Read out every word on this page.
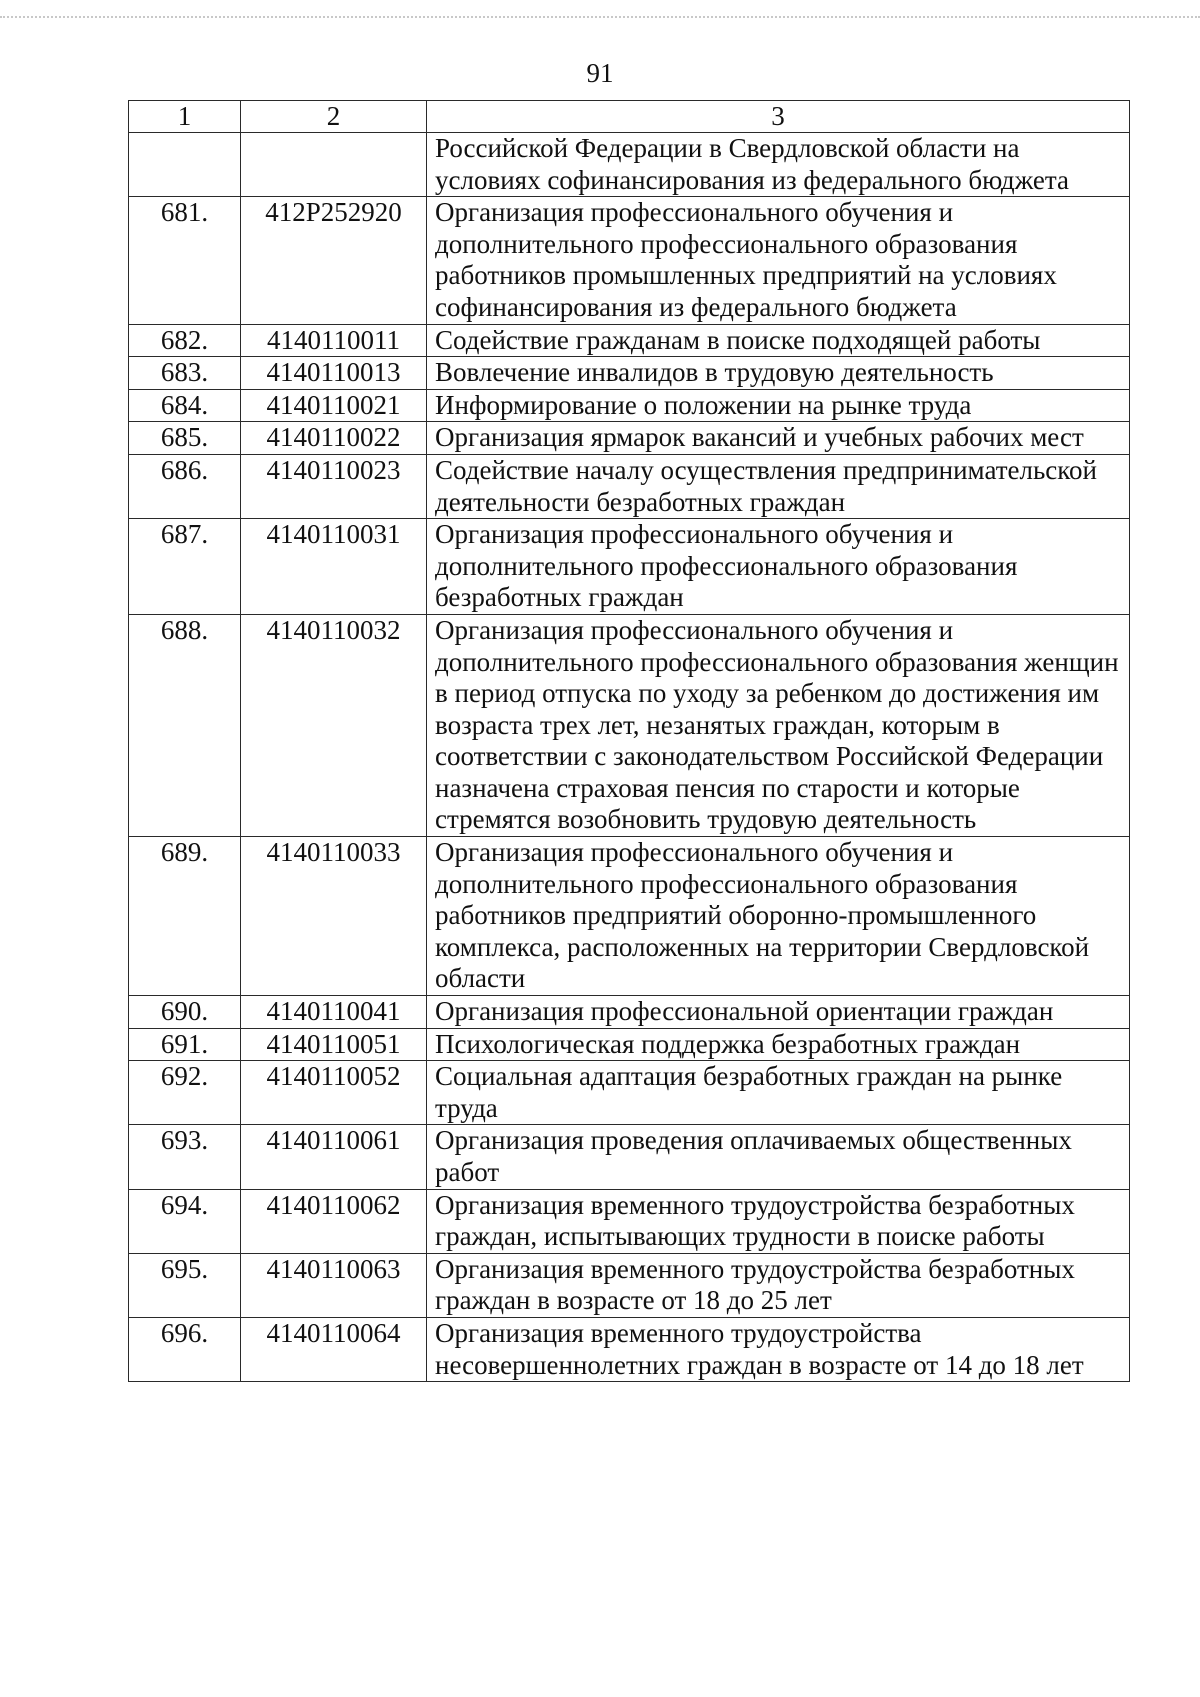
91
1	2	3
		Российской Федерации в Свердловской области на условиях софинансирования из федерального бюджета
681.	412P252920	Организация профессионального обучения и дополнительного профессионального образования работников промышленных предприятий на условиях софинансирования из федерального бюджета
682.	4140110011	Содействие гражданам в поиске подходящей работы
683.	4140110013	Вовлечение инвалидов в трудовую деятельность
684.	4140110021	Информирование о положении на рынке труда
685.	4140110022	Организация ярмарок вакансий и учебных рабочих мест
686.	4140110023	Содействие началу осуществления предпринимательской деятельности безработных граждан
687.	4140110031	Организация профессионального обучения и дополнительного профессионального образования безработных граждан
688.	4140110032	Организация профессионального обучения и дополнительного профессионального образования женщин в период отпуска по уходу за ребенком до достижения им возраста трех лет, незанятых граждан, которым в соответствии с законодательством Российской Федерации назначена страховая пенсия по старости и которые стремятся возобновить трудовую деятельность
689.	4140110033	Организация профессионального обучения и дополнительного профессионального образования работников предприятий оборонно-промышленного комплекса, расположенных на территории Свердловской области
690.	4140110041	Организация профессиональной ориентации граждан
691.	4140110051	Психологическая поддержка безработных граждан
692.	4140110052	Социальная адаптация безработных граждан на рынке труда
693.	4140110061	Организация проведения оплачиваемых общественных работ
694.	4140110062	Организация временного трудоустройства безработных граждан, испытывающих трудности в поиске работы
695.	4140110063	Организация временного трудоустройства безработных граждан в возрасте от 18 до 25 лет
696.	4140110064	Организация временного трудоустройства несовершеннолетних граждан в возрасте от 14 до 18 лет
